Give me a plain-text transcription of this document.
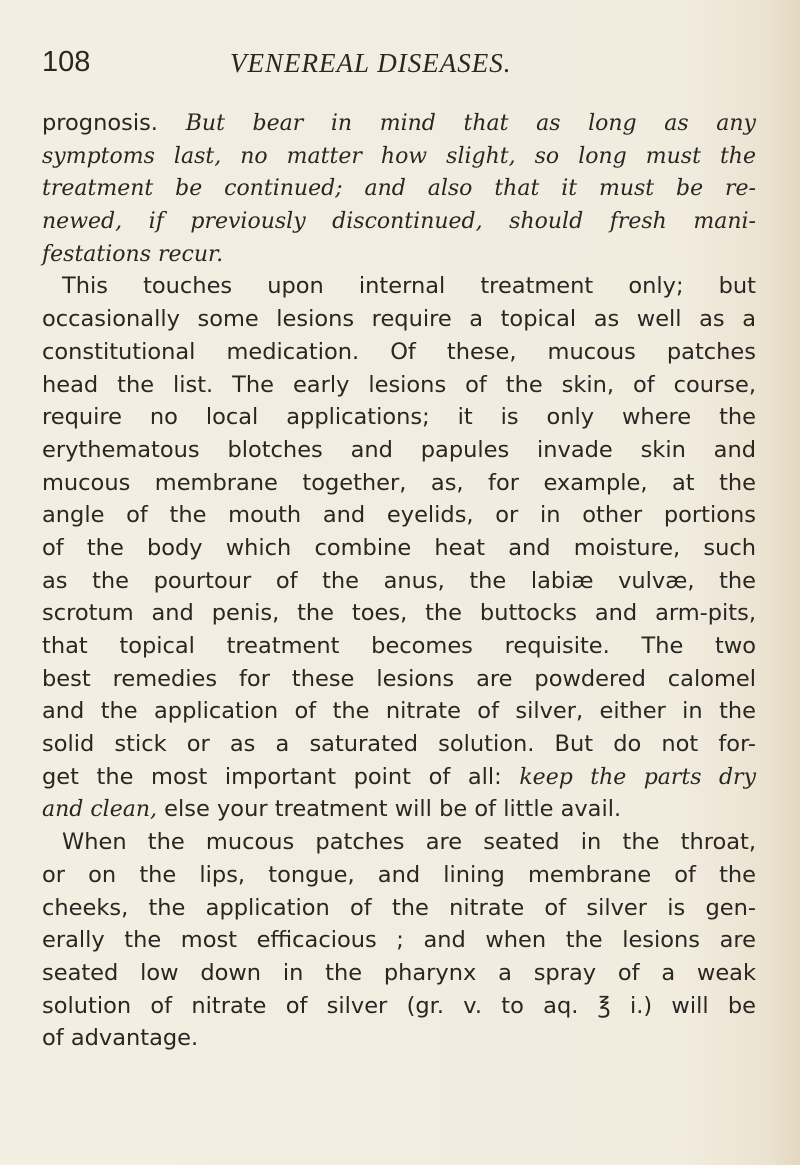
108	VENEREAL DISEASES.
prognosis. But bear in mind that as long as any
symptoms last, no matter how slight, so long must the
treatment be continued; and also that it must be re-
newed, if previously discontinued, should fresh mani-
festations recur.
This touches upon internal treatment only; but
occasionally some lesions require a topical as well as a
constitutional medication. Of these, mucous patches
head the list. The early lesions of the skin, of course,
require no local applications; it is only where the
erythematous blotches and papules invade skin and
mucous membrane together, as, for example, at the
angle of the mouth and eyelids, or in other portions
of the body which combine heat and moisture, such
as the pourtour of the anus, the labiæ vulvæ, the
scrotum and penis, the toes, the buttocks and arm-pits,
that topical treatment becomes requisite. The two
best remedies for these lesions are powdered calomel
and the application of the nitrate of silver, either in the
solid stick or as a saturated solution. But do not for-
get the most important point of all: keep the parts dry
and clean, else your treatment will be of little avail.
When the mucous patches are seated in the throat,
or on the lips, tongue, and lining membrane of the
cheeks, the application of the nitrate of silver is gen-
erally the most efficacious ; and when the lesions are
seated low down in the pharynx a spray of a weak
solution of nitrate of silver (gr. v. to aq. ℥ i.) will be
of advantage.
